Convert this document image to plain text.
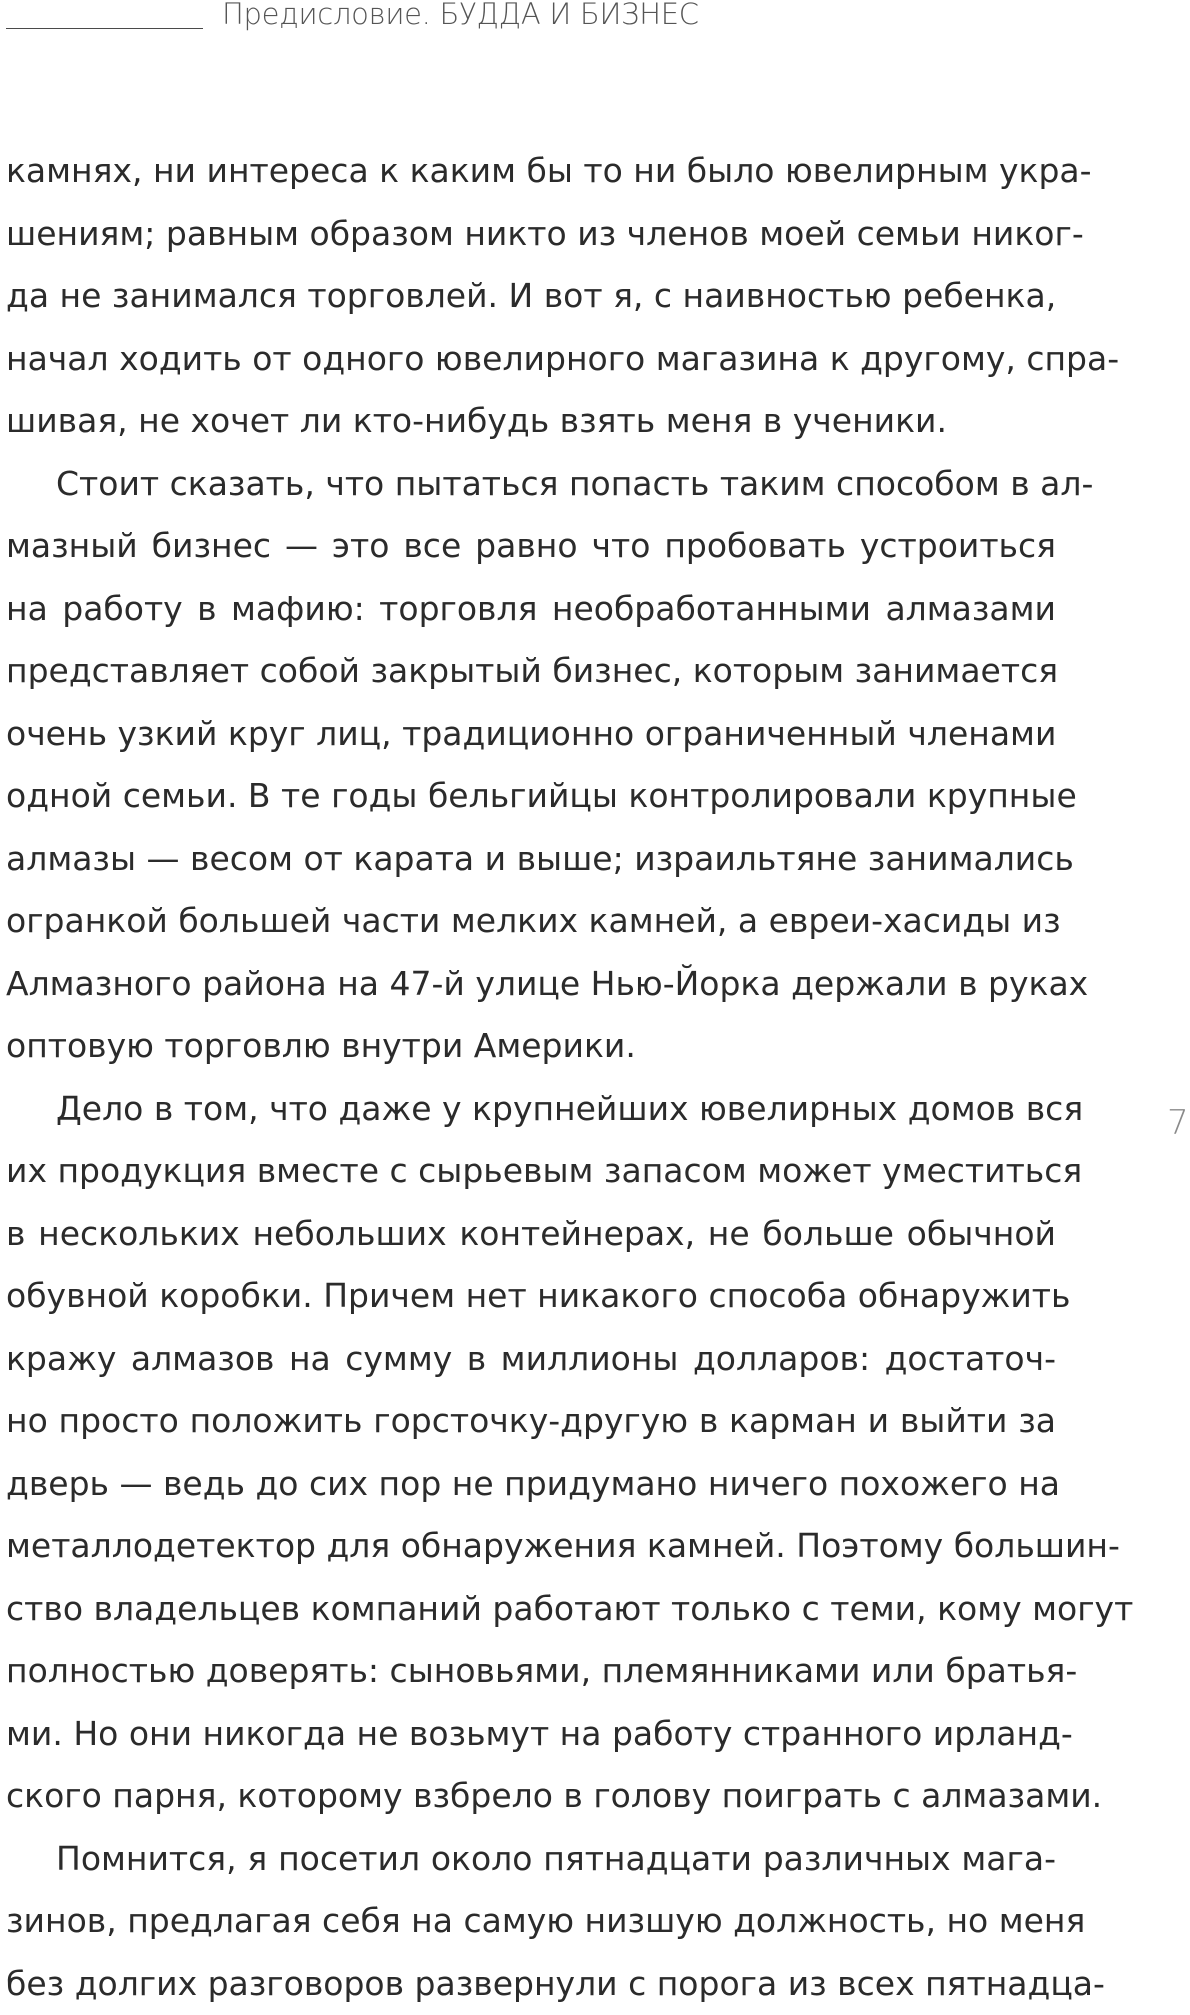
Предисловие. БУДДА И БИЗНЕС
камнях, ни интереса к каким бы то ни было ювелирным укра-
шениям; равным образом никто из членов моей семьи никог-
да не занимался торговлей. И вот я, с наивностью ребенка,
начал ходить от одного ювелирного магазина к другому, спра-
шивая, не хочет ли кто-нибудь взять меня в ученики.
Стоит сказать, что пытаться попасть таким способом в ал-
мазный бизнес — это все равно что пробовать устроиться
на работу в мафию: торговля необработанными алмазами
представляет собой закрытый бизнес, которым занимается
очень узкий круг лиц, традиционно ограниченный членами
одной семьи. В те годы бельгийцы контролировали крупные
алмазы — весом от карата и выше; израильтяне занимались
огранкой большей части мелких камней, а евреи-хасиды из
Алмазного района на 47-й улице Нью-Йорка держали в руках
оптовую торговлю внутри Америки.
Дело в том, что даже у крупнейших ювелирных домов вся
их продукция вместе с сырьевым запасом может уместиться
в нескольких небольших контейнерах, не больше обычной
обувной коробки. Причем нет никакого способа обнаружить
кражу алмазов на сумму в миллионы долларов: достаточ-
но просто положить горсточку-другую в карман и выйти за
дверь — ведь до сих пор не придумано ничего похожего на
металлодетектор для обнаружения камней. Поэтому большин-
ство владельцев компаний работают только с теми, кому могут
полностью доверять: сыновьями, племянниками или братья-
ми. Но они никогда не возьмут на работу странного ирланд-
ского парня, которому взбрело в голову поиграть с алмазами.
Помнится, я посетил около пятнадцати различных мага-
зинов, предлагая себя на самую низшую должность, но меня
без долгих разговоров развернули с порога из всех пятнадца-
7
